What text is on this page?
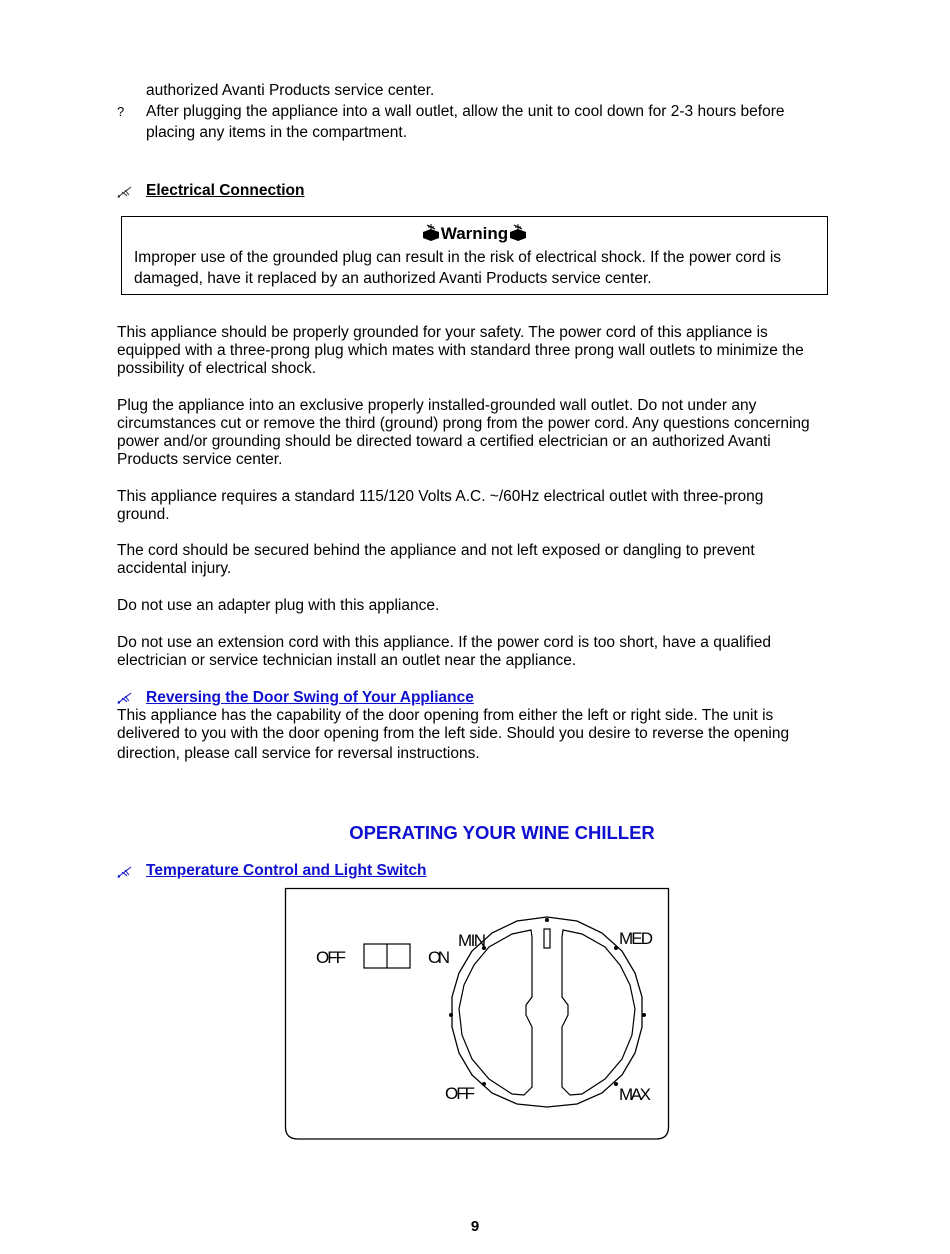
authorized Avanti Products service center.
? After plugging the appliance into a wall outlet, allow the unit to cool down for 2-3 hours before
placing any items in the compartment.
Electrical Connection
Warning
Improper use of the grounded plug can result in the risk of electrical shock. If the power cord is
damaged, have it replaced by an authorized Avanti Products service center.

This appliance should be properly grounded for your safety. The power cord of this appliance is

equipped with a three-prong plug which mates with standard three prong wall outlets to minimize the

possibility of electrical shock.

Plug the appliance into an exclusive properly installed-grounded wall outlet. Do not under any

circumstances cut or remove the third (ground) prong from the power cord. Any questions concerning

power and/or grounding should be directed toward a certified electrician or an authorized Avanti

Products service center.

This appliance requires a standard 115/120 Volts A.C. ~/60Hz electrical outlet with three-prong

ground.

The cord should be secured behind the appliance and not left exposed or dangling to prevent

accidental injury.

Do not use an adapter plug with this appliance.

Do not use an extension cord with this appliance. If the power cord is too short, have a qualified

electrician or service technician install an outlet near the appliance.

Reversing the Door Swing of Your Appliance

This appliance has the capability of the door opening from either the left or right side. The unit is

delivered to you with the door opening from the left side. Should you desire to reverse the opening

direction, please call service for reversal instructions.

OPERATING YOUR WINE CHILLER
Temperature Control and Light Switch
OFF	ON
MIN	MED
OFF	MAX
9
